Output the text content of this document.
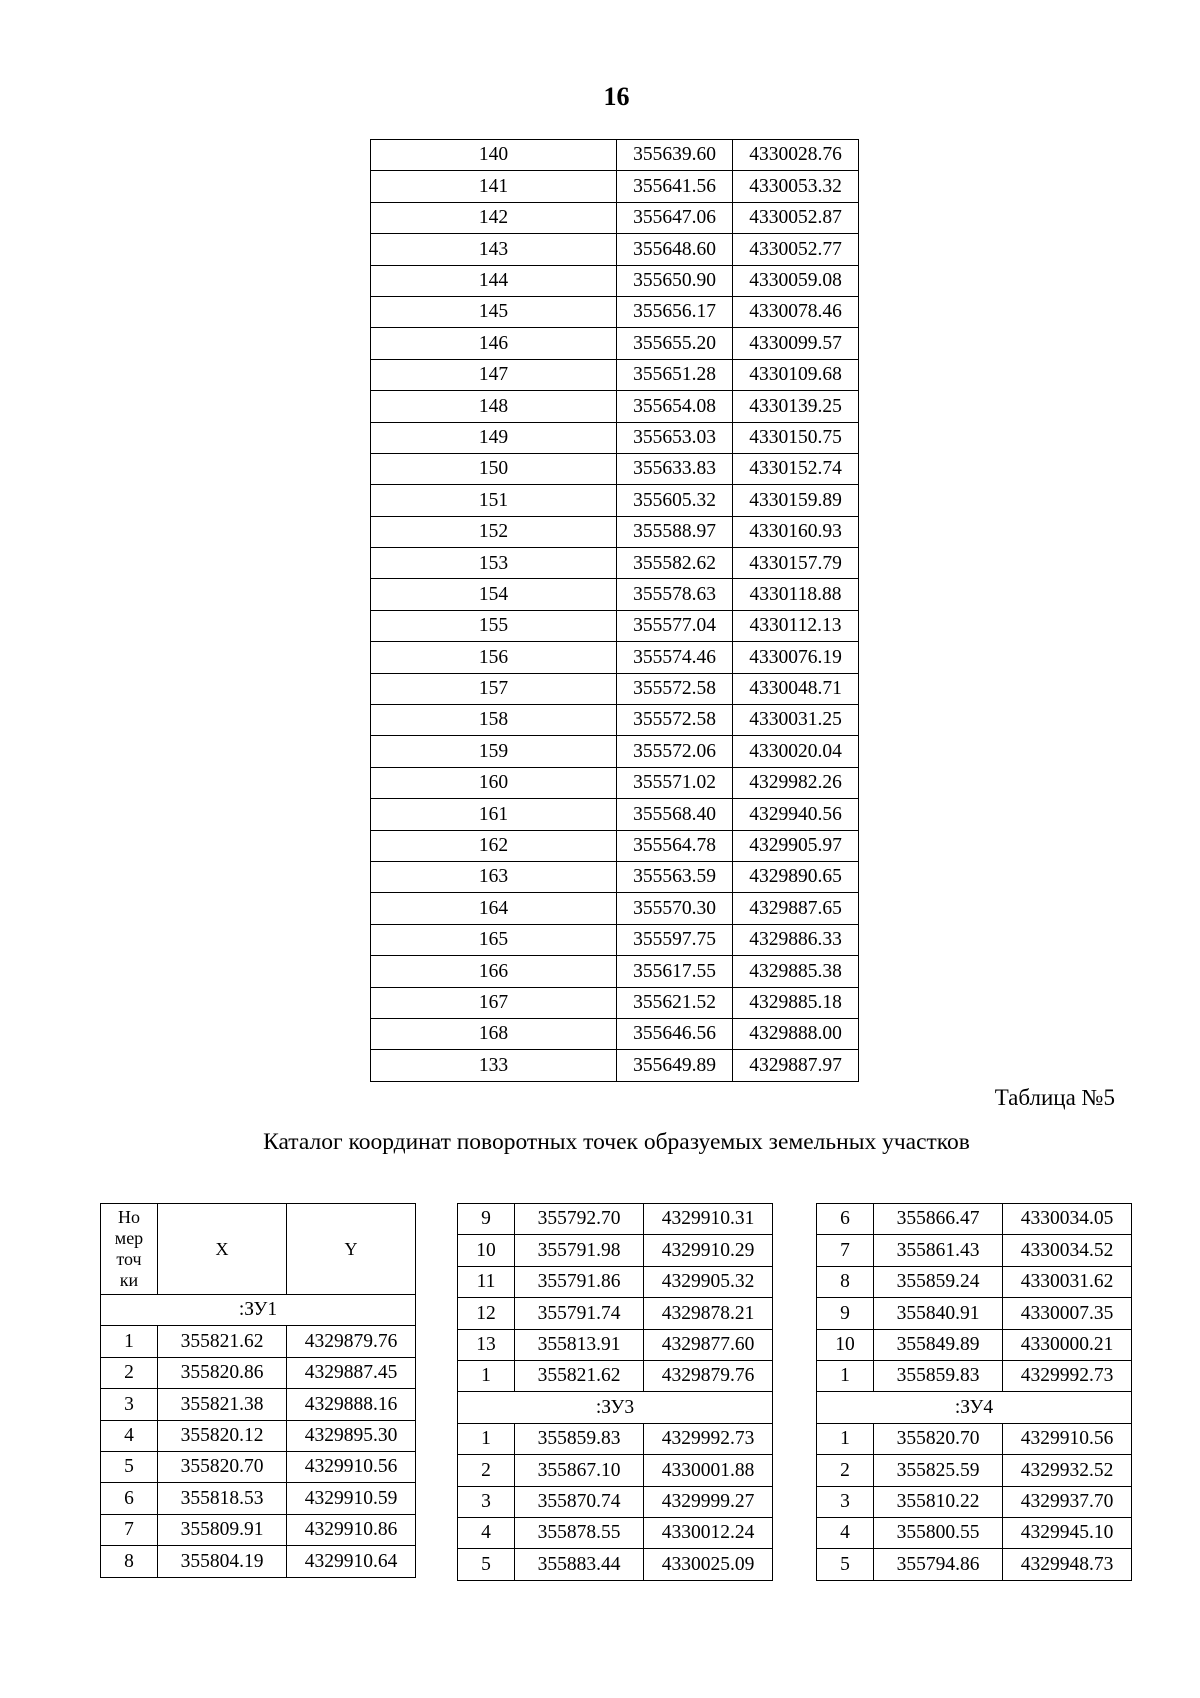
16
140	355639.60	4330028.76
141	355641.56	4330053.32
142	355647.06	4330052.87
143	355648.60	4330052.77
144	355650.90	4330059.08
145	355656.17	4330078.46
146	355655.20	4330099.57
147	355651.28	4330109.68
148	355654.08	4330139.25
149	355653.03	4330150.75
150	355633.83	4330152.74
151	355605.32	4330159.89
152	355588.97	4330160.93
153	355582.62	4330157.79
154	355578.63	4330118.88
155	355577.04	4330112.13
156	355574.46	4330076.19
157	355572.58	4330048.71
158	355572.58	4330031.25
159	355572.06	4330020.04
160	355571.02	4329982.26
161	355568.40	4329940.56
162	355564.78	4329905.97
163	355563.59	4329890.65
164	355570.30	4329887.65
165	355597.75	4329886.33
166	355617.55	4329885.38
167	355621.52	4329885.18
168	355646.56	4329888.00
133	355649.89	4329887.97
Таблица №5
Каталог координат поворотных точек образуемых земельных участков
Но
мер
точ
ки	X	Y
:ЗУ1		
1	355821.62	4329879.76
2	355820.86	4329887.45
3	355821.38	4329888.16
4	355820.12	4329895.30
5	355820.70	4329910.56
6	355818.53	4329910.59
7	355809.91	4329910.86
8	355804.19	4329910.64
9	355792.70	4329910.31
10	355791.98	4329910.29
11	355791.86	4329905.32
12	355791.74	4329878.21
13	355813.91	4329877.60
1	355821.62	4329879.76
:ЗУ3		
1	355859.83	4329992.73
2	355867.10	4330001.88
3	355870.74	4329999.27
4	355878.55	4330012.24
5	355883.44	4330025.09
6	355866.47	4330034.05
7	355861.43	4330034.52
8	355859.24	4330031.62
9	355840.91	4330007.35
10	355849.89	4330000.21
1	355859.83	4329992.73
:ЗУ4		
1	355820.70	4329910.56
2	355825.59	4329932.52
3	355810.22	4329937.70
4	355800.55	4329945.10
5	355794.86	4329948.73
